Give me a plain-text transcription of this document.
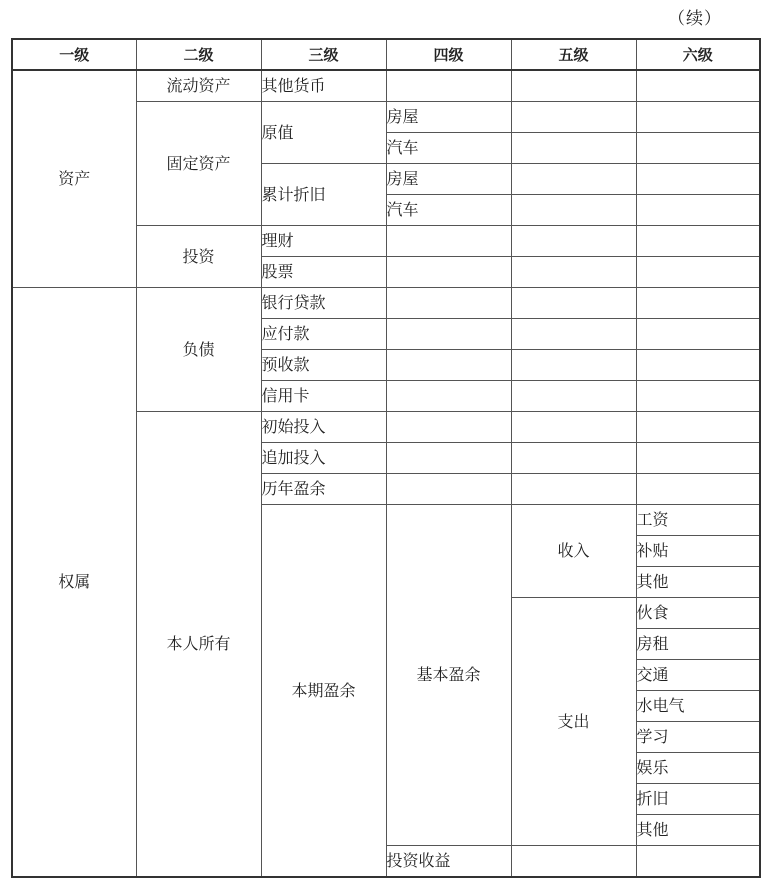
（续）
一级	二级	三级	四级	五级	六级
资产	流动资产	其他货币			
	固定资产	原值	房屋		
			汽车		
		累计折旧	房屋		
			汽车		
	投资	理财			
		股票			
权属	负债	银行贷款			
		应付款			
		预收款			
		信用卡			
	本人所有	初始投入			
		追加投入			
		历年盈余			
		本期盈余	基本盈余	收入	工资
					补贴
					其他
				支出	伙食
					房租
					交通
					水电气
					学习
					娱乐
					折旧
					其他
			投资收益		
